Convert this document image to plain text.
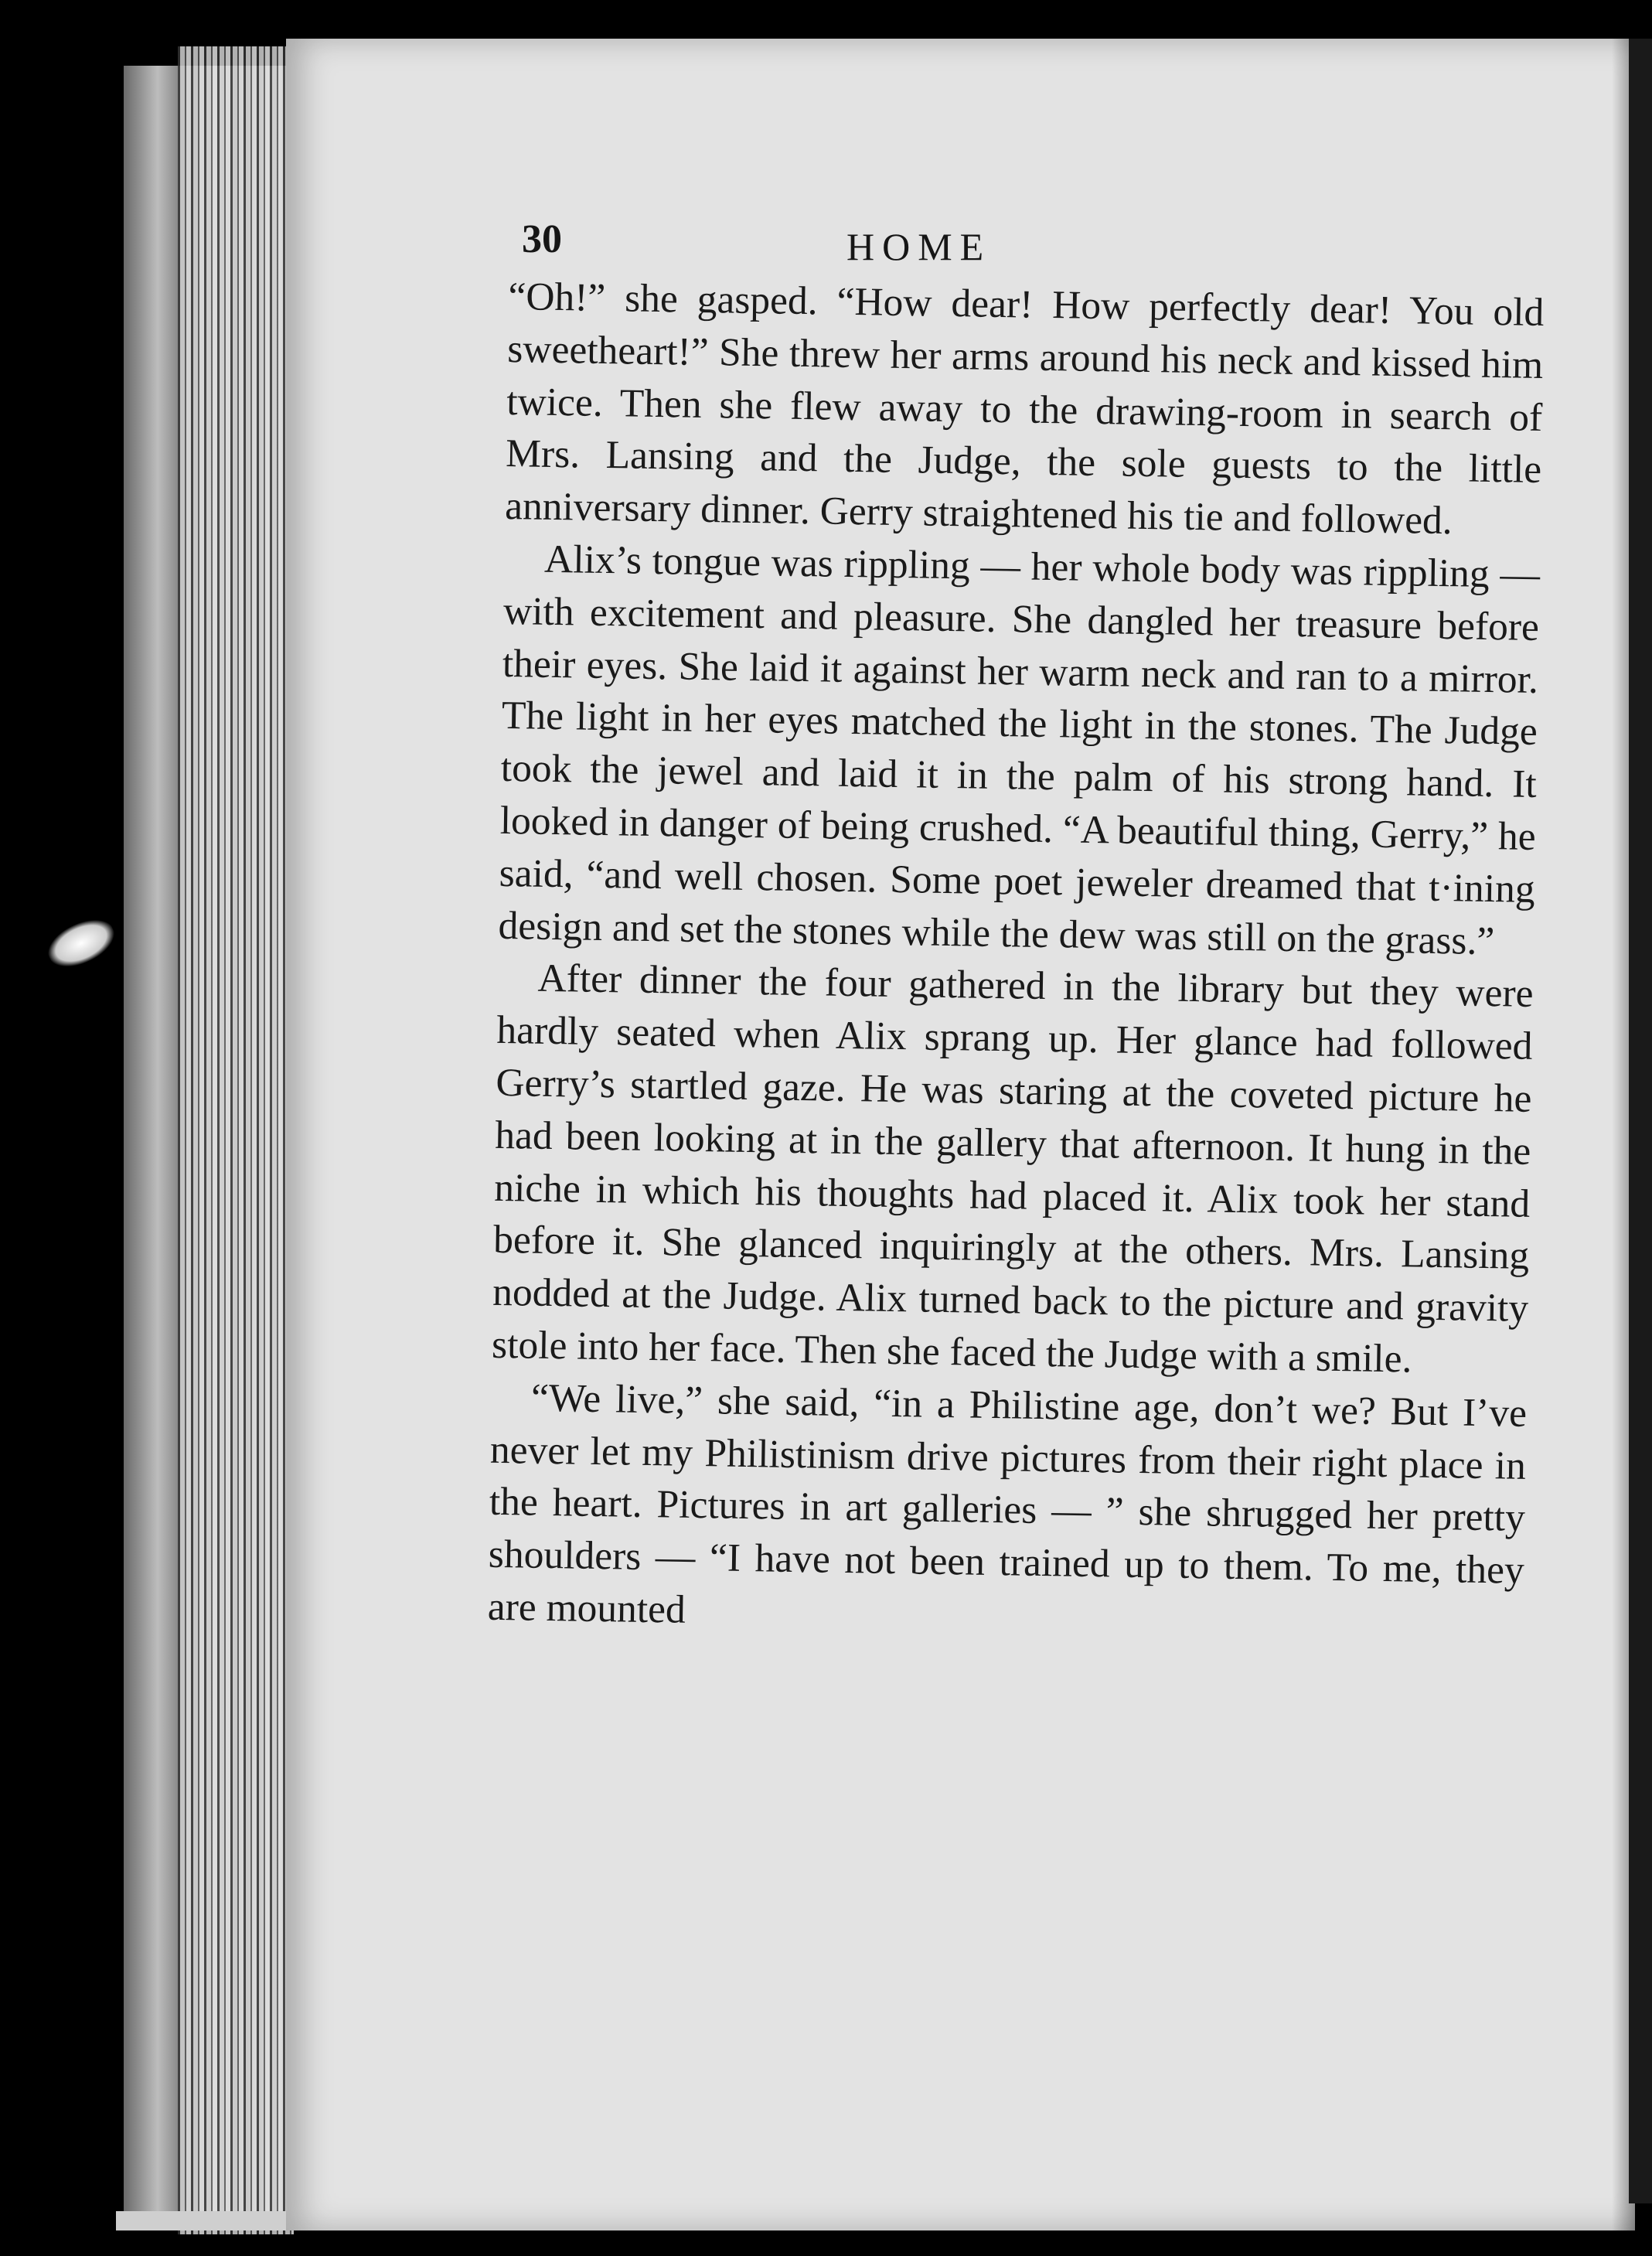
30	HOME

“Oh!” she gasped. “How dear! How perfectly dear! You old sweetheart!” She threw her arms around his neck and kissed him twice. Then she flew away to the drawing-room in search of Mrs. Lansing and the Judge, the sole guests to the little anniversary dinner. Gerry straightened his tie and followed.

Alix’s tongue was rippling — her whole body was rippling — with excitement and pleasure. She dangled her treasure before their eyes. She laid it against her warm neck and ran to a mirror. The light in her eyes matched the light in the stones. The Judge took the jewel and laid it in the palm of his strong hand. It looked in danger of being crushed. “A beautiful thing, Gerry,” he said, “and well chosen. Some poet jeweler dreamed that t·ining design and set the stones while the dew was still on the grass.”

After dinner the four gathered in the library but they were hardly seated when Alix sprang up. Her glance had followed Gerry’s startled gaze. He was staring at the coveted picture he had been looking at in the gallery that afternoon. It hung in the niche in which his thoughts had placed it. Alix took her stand before it. She glanced inquiringly at the others. Mrs. Lansing nodded at the Judge. Alix turned back to the picture and gravity stole into her face. Then she faced the Judge with a smile.

“We live,” she said, “in a Philistine age, don’t we? But I’ve never let my Philistinism drive pictures from their right place in the heart. Pictures in art galleries — ” she shrugged her pretty shoulders — “I have not been trained up to them. To me, they are mounted
